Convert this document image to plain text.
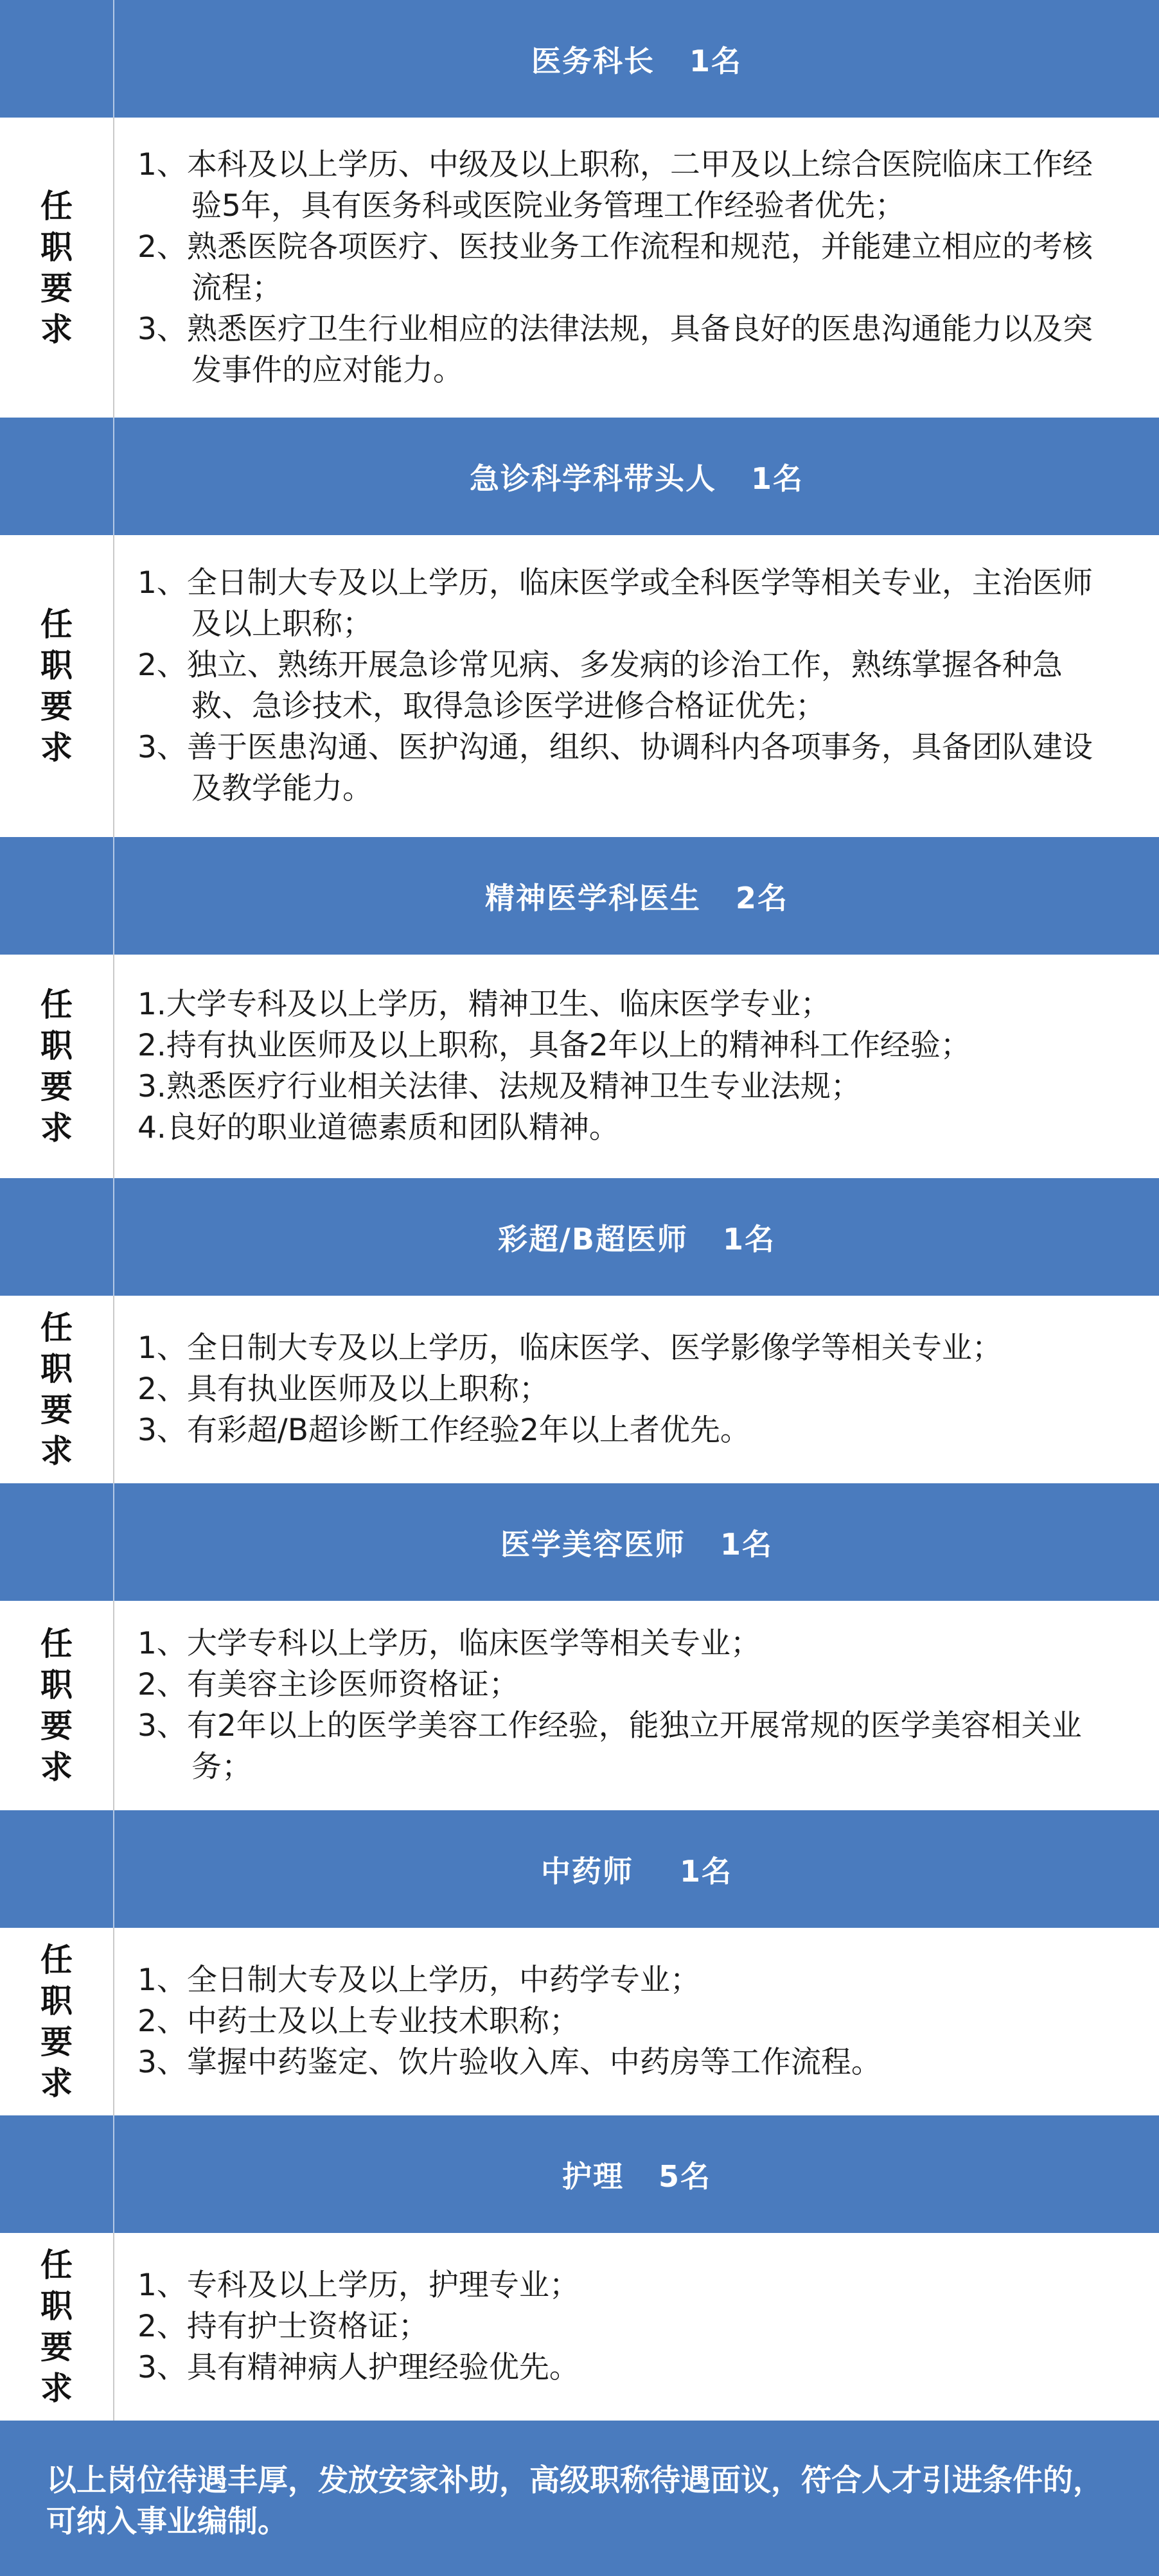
医务科长   1名
任
职
要
求
1、本科及以上学历、中级及以上职称，二甲及以上综合医院临床工作经验5年，具有医务科或医院业务管理工作经验者优先；
2、熟悉医院各项医疗、医技业务工作流程和规范，并能建立相应的考核流程；
3、熟悉医疗卫生行业相应的法律法规，具备良好的医患沟通能力以及突发事件的应对能力。
急诊科学科带头人   1名
任
职
要
求
1、全日制大专及以上学历，临床医学或全科医学等相关专业，主治医师及以上职称；
2、独立、熟练开展急诊常见病、多发病的诊治工作，熟练掌握各种急救、急诊技术，取得急诊医学进修合格证优先；
3、善于医患沟通、医护沟通，组织、协调科内各项事务，具备团队建设及教学能力。
精神医学科医生   2名
任
职
要
求
1.大学专科及以上学历，精神卫生、临床医学专业；
2.持有执业医师及以上职称，具备2年以上的精神科工作经验；
3.熟悉医疗行业相关法律、法规及精神卫生专业法规；
4.良好的职业道德素质和团队精神。
彩超/B超医师   1名
任
职
要
求
1、全日制大专及以上学历，临床医学、医学影像学等相关专业；
2、具有执业医师及以上职称；
3、有彩超/B超诊断工作经验2年以上者优先。
医学美容医师   1名
任
职
要
求
1、大学专科以上学历，临床医学等相关专业；
2、有美容主诊医师资格证；
3、有2年以上的医学美容工作经验，能独立开展常规的医学美容相关业务；
中药师    1名
任
职
要
求
1、全日制大专及以上学历，中药学专业；
2、中药士及以上专业技术职称；
3、掌握中药鉴定、饮片验收入库、中药房等工作流程。
护理   5名
任
职
要
求
1、专科及以上学历，护理专业；
2、持有护士资格证；
3、具有精神病人护理经验优先。
以上岗位待遇丰厚，发放安家补助，高级职称待遇面议，符合人才引进条件的，可纳入事业编制。
